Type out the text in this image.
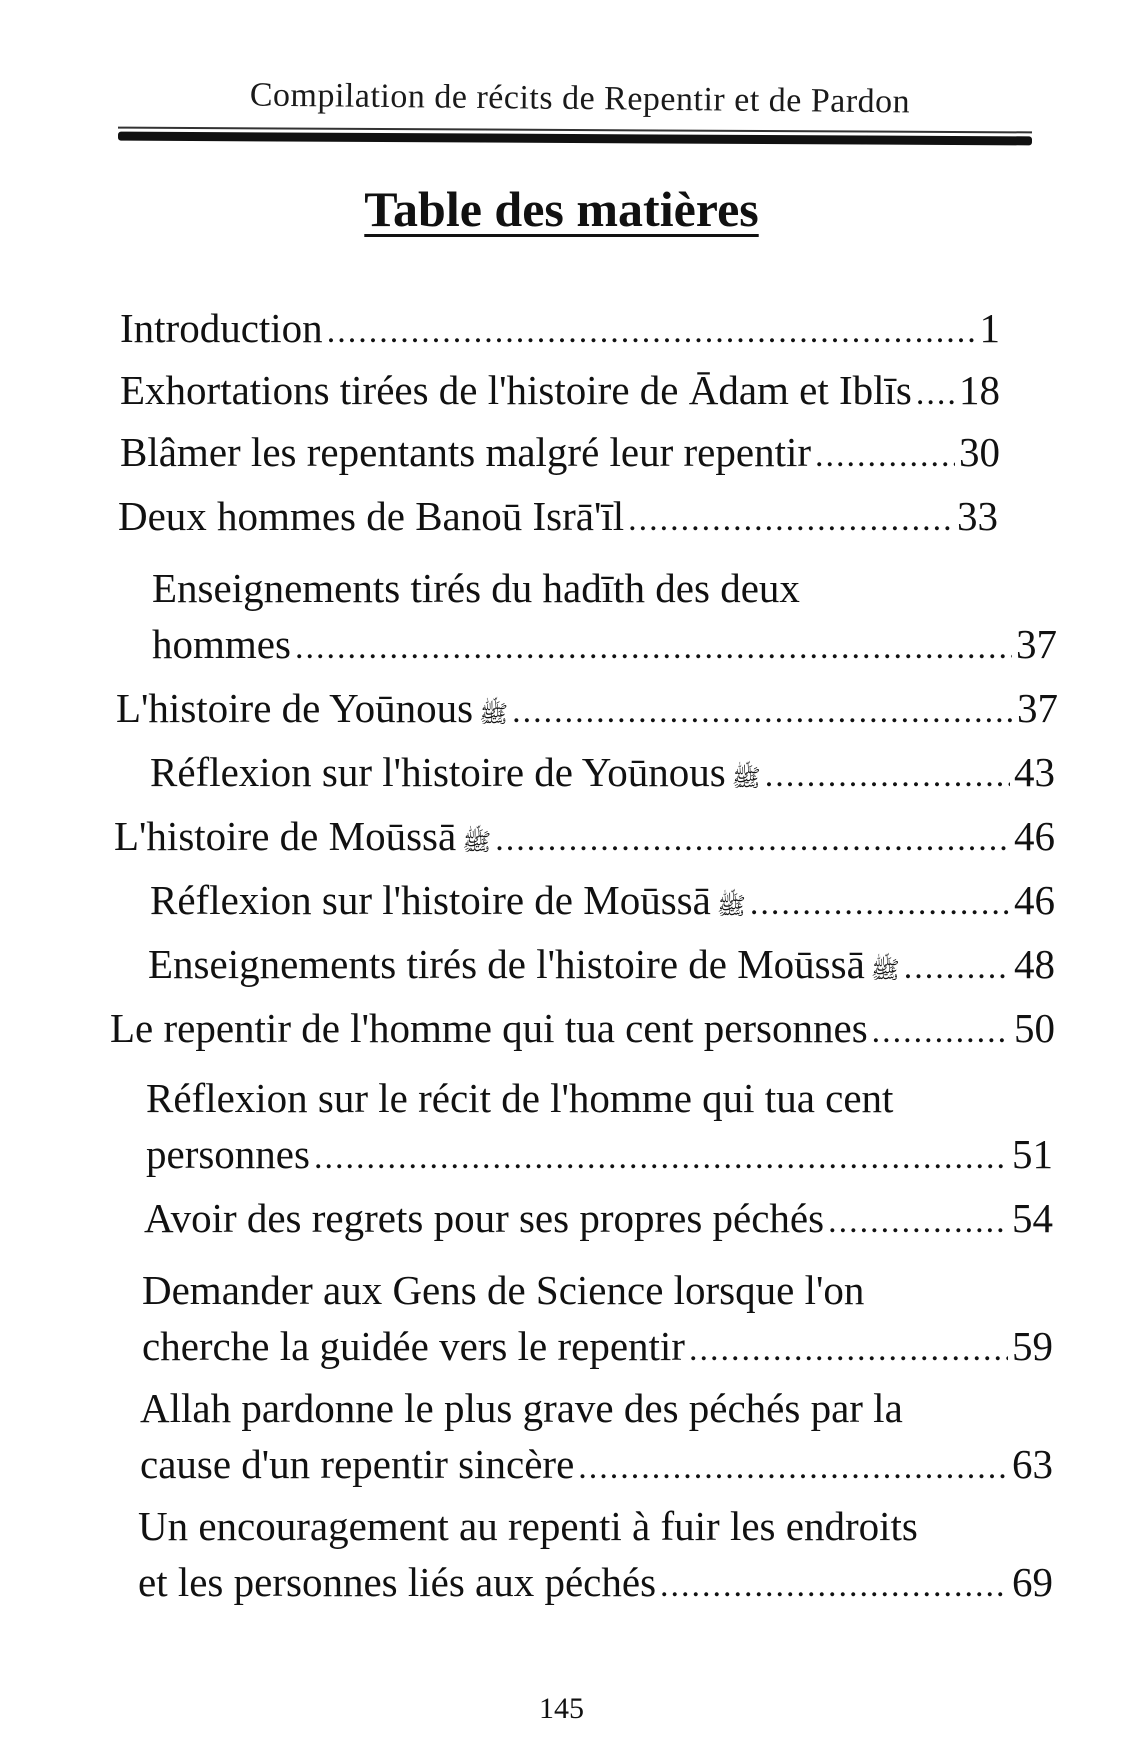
Compilation de récits de Repentir et de Pardon
Table des matières
Introduction .....	1
Exhortations tirées de l'histoire de Ādam et Iblīs ..... 18
Blâmer les repentants malgré leur repentir .....	30
Deux hommes de Banoū Isrā'īl .....	33
Enseignements tirés du hadīth des deux
hommes .....	37
L'histoire de Yoūnous ﷺ .....	37
Réflexion sur l'histoire de Yoūnous ﷺ .....	43
L'histoire de Moūssā ﷺ .....	46
Réflexion sur l'histoire de Moūssā ﷺ .....	46
Enseignements tirés de l'histoire de Moūssā ﷺ .....	48
Le repentir de l'homme qui tua cent personnes .....	50
Réflexion sur le récit de l'homme qui tua cent
personnes .....	51
Avoir des regrets pour ses propres péchés .....	54
Demander aux Gens de Science lorsque l'on
cherche la guidée vers le repentir .....	59
Allah pardonne le plus grave des péchés par la
cause d'un repentir sincère .....	63
Un encouragement au repenti à fuir les endroits
et les personnes liés aux péchés .....	69
145
